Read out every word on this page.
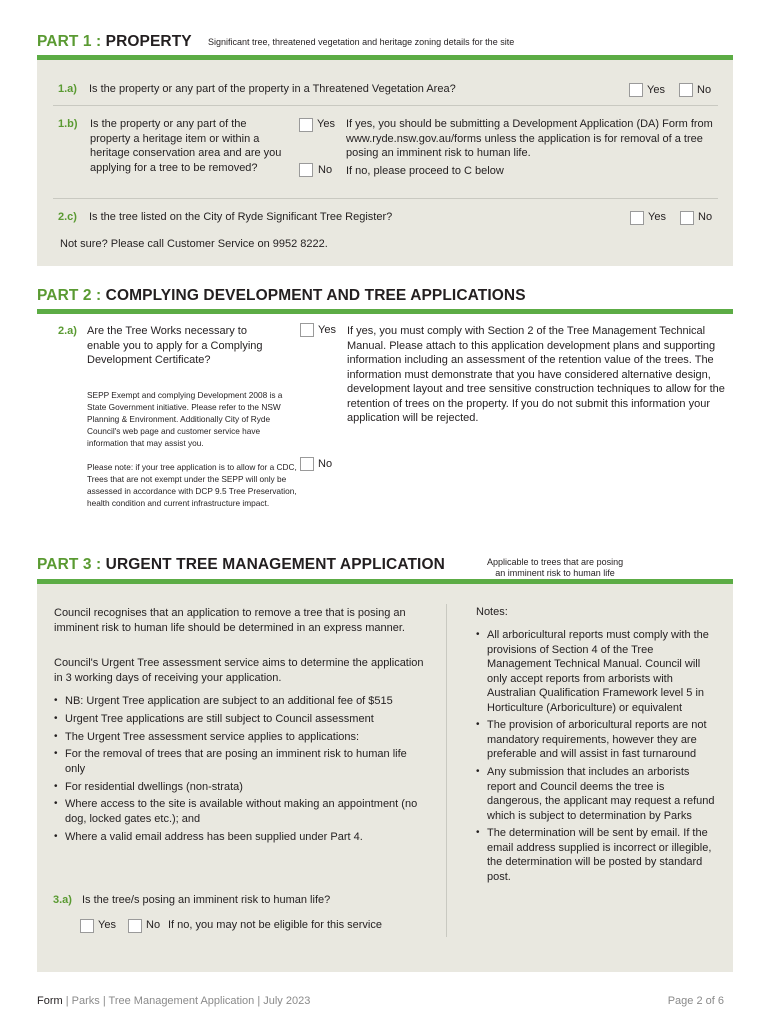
PART 1 : PROPERTY Significant tree, threatened vegetation and heritage zoning details for the site
1.a) Is the property or any part of the property in a Threatened Vegetation Area?	Yes	No
1.b) Is the property or any part of the property a heritage item or within a heritage conservation area and are you applying for a tree to be removed?
Yes If yes, you should be submitting a Development Application (DA) Form from www.ryde.nsw.gov.au/forms unless the application is for removal of a tree posing an imminent risk to human life.
No If no, please proceed to C below
2.c) Is the tree listed on the City of Ryde Significant Tree Register?	Yes	No
Not sure? Please call Customer Service on 9952 8222.
PART 2 : COMPLYING DEVELOPMENT AND TREE APPLICATIONS
2.a) Are the Tree Works necessary to enable you to apply for a Complying Development Certificate?
SEPP Exempt and complying Development 2008 is a State Government initiative. Please refer to the NSW Planning & Environment. Additionally City of Ryde Council's web page and customer service have information that may assist you.
Please note: if your tree application is to allow for a CDC, Trees that are not exempt under the SEPP will only be assessed in accordance with DCP 9.5 Tree Preservation, health condition and current infrastructure impact.
Yes If yes, you must comply with Section 2 of the Tree Management Technical Manual. Please attach to this application development plans and supporting information including an assessment of the retention value of the trees. The information must demonstrate that you have considered alternative design, development layout and tree sensitive construction techniques to allow for the retention of trees on the property. If you do not submit this information your application will be rejected.
No
PART 3 : URGENT TREE MANAGEMENT APPLICATION	Applicable to trees that are posing
an imminent risk to human life
Council recognises that an application to remove a tree that is posing an imminent risk to human life should be determined in an express manner.
Council's Urgent Tree assessment service aims to determine the application in 3 working days of receiving your application.
• NB: Urgent Tree application are subject to an additional fee of $515
• Urgent Tree applications are still subject to Council assessment
• The Urgent Tree assessment service applies to applications:
• For the removal of trees that are posing an imminent risk to human life only
• For residential dwellings (non-strata)
• Where access to the site is available without making an appointment (no dog, locked gates etc.); and
• Where a valid email address has been supplied under Part 4.
3.a) Is the tree/s posing an imminent risk to human life?
Yes	No If no, you may not be eligible for this service
Notes:
• All arboricultural reports must comply with the provisions of Section 4 of the Tree Management Technical Manual. Council will only accept reports from arborists with Australian Qualification Framework level 5 in Horticulture (Arboriculture) or equivalent
• The provision of arboricultural reports are not mandatory requirements, however they are preferable and will assist in fast turnaround
• Any submission that includes an arborists report and Council deems the tree is dangerous, the applicant may request a refund which is subject to determination by Parks
• The determination will be sent by email. If the email address supplied is incorrect or illegible, the determination will be posted by standard post.
Form | Parks | Tree Management Application | July 2023	Page 2 of 6
